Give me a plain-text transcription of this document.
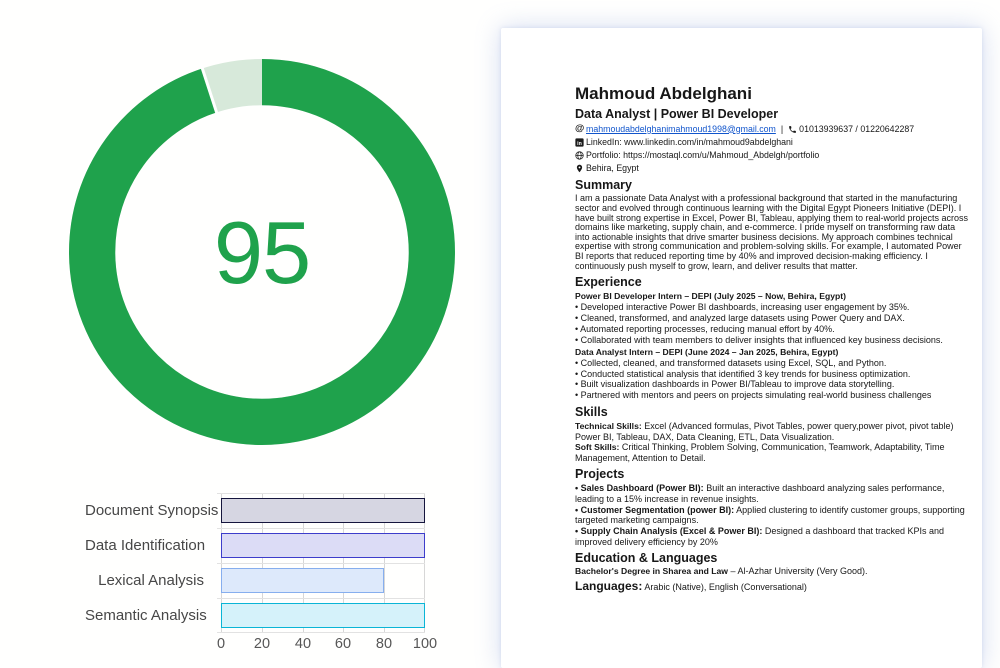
95
Document Synopsis
Data Identification
Lexical Analysis
Semantic Analysis
0	20	40	60	80	100
Mahmoud Abdelghani
Data Analyst | Power BI Developer
@ mahmoudabdelghanimahmoud1998@gmail.com | 01013939637 / 01220642287
in LinkedIn: www.linkedin.com/in/mahmoud9abdelghani
Portfolio: https://mostaql.com/u/Mahmoud_Abdelgh/portfolio
Behira, Egypt
Summary
I am a passionate Data Analyst with a professional background that started in the manufacturing sector and evolved through continuous learning with the Digital Egypt Pioneers Initiative (DEPI). I have built strong expertise in Excel, Power BI, Tableau, applying them to real-world projects across domains like marketing, supply chain, and e-commerce. I pride myself on transforming raw data into actionable insights that drive smarter business decisions. My approach combines technical expertise with strong communication and problem-solving skills. For example, I automated Power BI reports that reduced reporting time by 40% and improved decision-making efficiency. I continuously push myself to grow, learn, and deliver results that matter.
Experience
Power BI Developer Intern – DEPI (July 2025 – Now, Behira, Egypt)
• Developed interactive Power BI dashboards, increasing user engagement by 35%.
• Cleaned, transformed, and analyzed large datasets using Power Query and DAX.
• Automated reporting processes, reducing manual effort by 40%.
• Collaborated with team members to deliver insights that influenced key business decisions.
Data Analyst Intern – DEPI (June 2024 – Jan 2025, Behira, Egypt)
• Collected, cleaned, and transformed datasets using Excel, SQL, and Python.
• Conducted statistical analysis that identified 3 key trends for business optimization.
• Built visualization dashboards in Power BI/Tableau to improve data storytelling.
• Partnered with mentors and peers on projects simulating real-world business challenges
Skills
Technical Skills: Excel (Advanced formulas, Pivot Tables, power query,power pivot, pivot table) Power BI, Tableau, DAX, Data Cleaning, ETL, Data Visualization.
Soft Skills: Critical Thinking, Problem Solving, Communication, Teamwork, Adaptability, Time Management, Attention to Detail.
Projects
• Sales Dashboard (Power BI): Built an interactive dashboard analyzing sales performance, leading to a 15% increase in revenue insights.
• Customer Segmentation (power BI): Applied clustering to identify customer groups, supporting targeted marketing campaigns.
• Supply Chain Analysis (Excel & Power BI): Designed a dashboard that tracked KPIs and improved delivery efficiency by 20%
Education & Languages
Bachelor's Degree in Sharea and Law – Al-Azhar University (Very Good).
Languages: Arabic (Native), English (Conversational)
